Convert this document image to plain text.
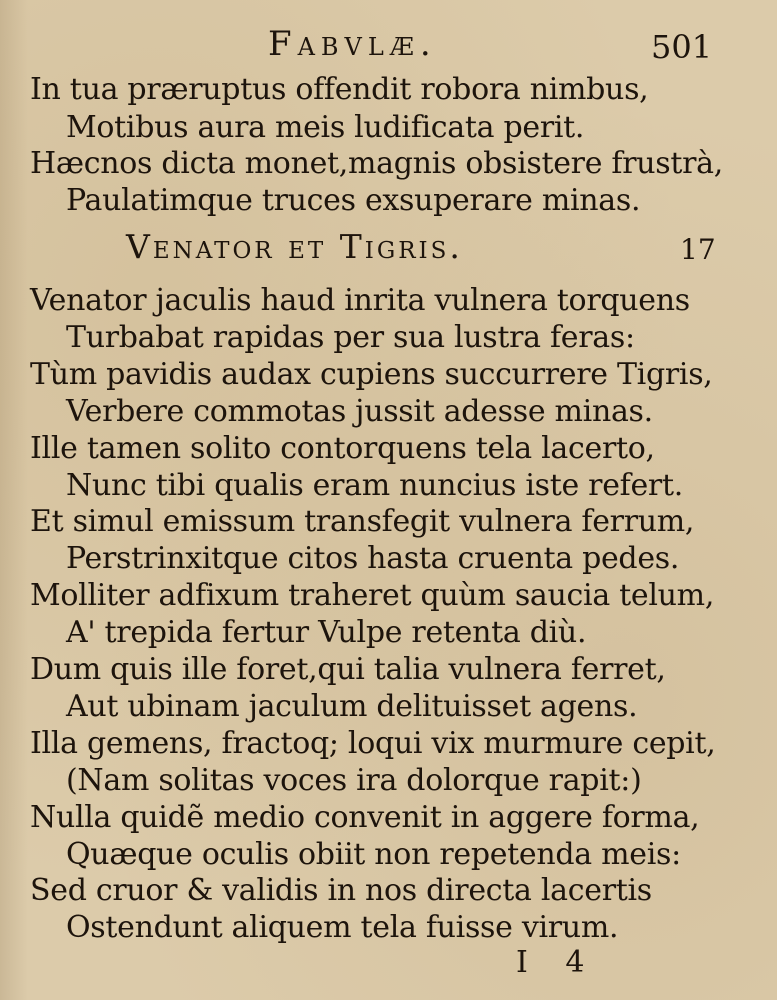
Fabvlæ.	501
In tua præruptus offendit robora nimbus,
Motibus aura meis ludificata perit.
Hæcnos dicta monet,magnis obsistere frustrà,
Paulatimque truces exsuperare minas.
Venator et Tigris.	17
Venator jaculis haud inrita vulnera torquens
Turbabat rapidas per sua lustra feras:
Tùm pavidis audax cupiens succurrere Tigris,
Verbere commotas jussit adesse minas.
Ille tamen solito contorquens tela lacerto,
Nunc tibi qualis eram nuncius iste refert.
Et simul emissum transfegit vulnera ferrum,
Perstrinxitque citos hasta cruenta pedes.
Molliter adfixum traheret quùm saucia telum,
A' trepida fertur Vulpe retenta diù.
Dum quis ille foret,qui talia vulnera ferret,
Aut ubinam jaculum delituisset agens.
Illa gemens, fractoq; loqui vix murmure cepit,
(Nam solitas voces ira dolorque rapit:)
Nulla quidẽ medio convenit in aggere forma,
Quæque oculis obiit non repetenda meis:
Sed cruor & validis in nos directa lacertis
Ostendunt aliquem tela fuisse virum.
I 4
